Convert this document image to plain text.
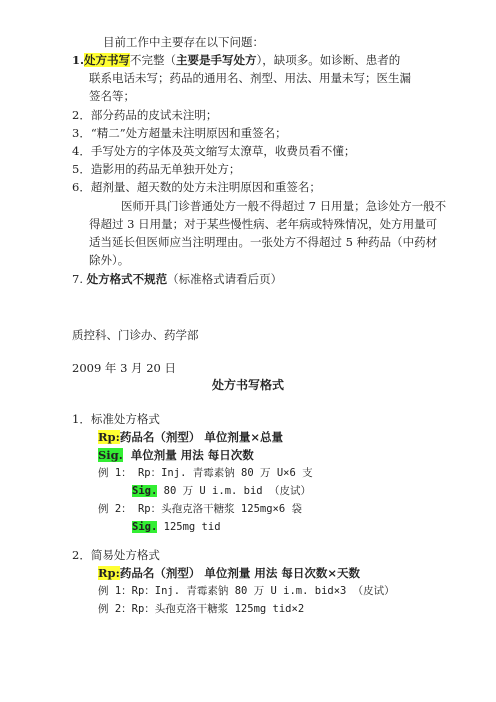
目前工作中主要存在以下问题：
1.处方书写不完整（主要是手写处方），缺项多。如诊断、患者的
联系电话未写；药品的通用名、剂型、用法、用量未写；医生漏
签名等；
2．部分药品的皮试未注明；
3．“精二”处方超量未注明原因和重签名；
4．手写处方的字体及英文缩写太潦草，收费员看不懂；
5．造影用的药品无单独开处方；
6．超剂量、超天数的处方未注明原因和重签名；
医师开具门诊普通处方一般不得超过 7 日用量；急诊处方一般不
得超过 3 日用量；对于某些慢性病、老年病或特殊情况，处方用量可
适当延长但医师应当注明理由。一张处方不得超过 5 种药品（中药材
除外）。
7. 处方格式不规范（标准格式请看后页）
质控科、门诊办、药学部
2009 年 3 月 20 日
处方书写格式
1．标准处方格式
Rp:药品名（剂型） 单位剂量×总量
Sig. 单位剂量 用法 每日次数
例 1： Rp：Inj. 青霉素钠 80 万 U×6 支
Sig. 80 万 U i.m. bid （皮试）
例 2： Rp：头孢克洛干糖浆 125mg×6 袋
Sig. 125mg tid
2．简易处方格式
Rp:药品名（剂型） 单位剂量 用法 每日次数×天数
例 1：Rp：Inj. 青霉素钠 80 万 U i.m. bid×3 （皮试）
例 2：Rp：头孢克洛干糖浆 125mg tid×2
